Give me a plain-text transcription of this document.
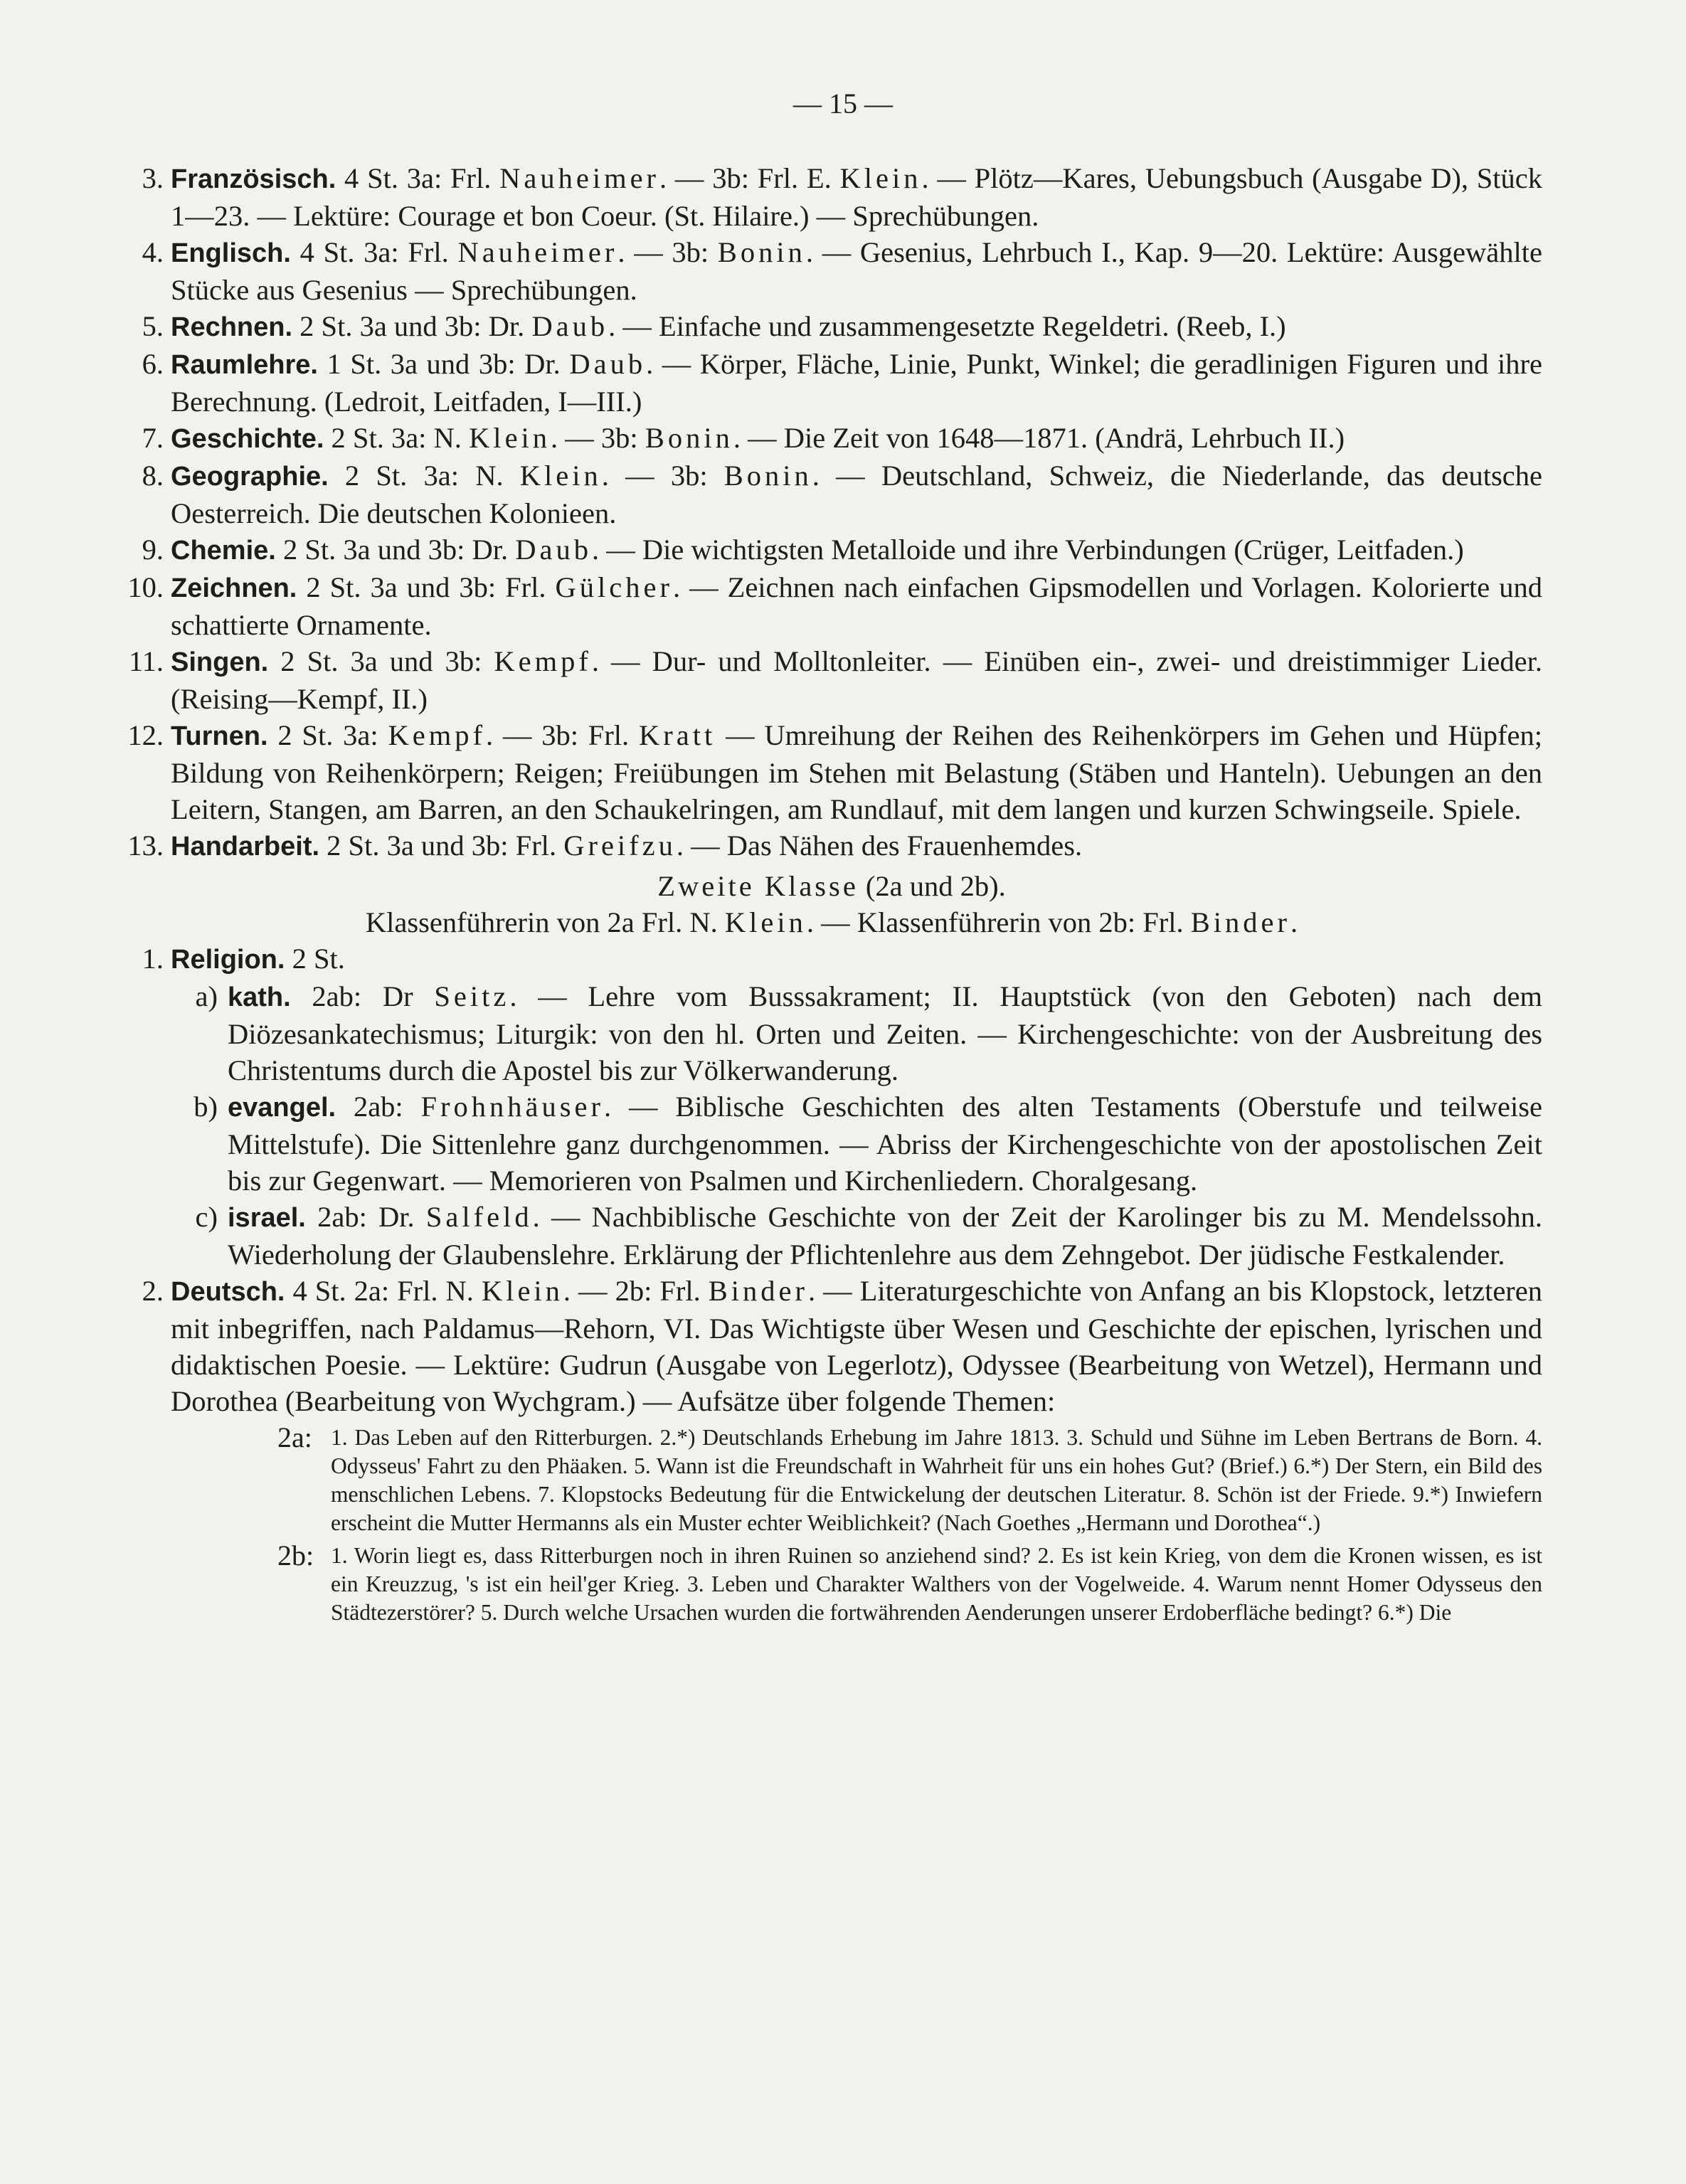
— 15 —
3. Französisch. 4 St. 3a: Frl. Nauheimer. — 3b: Frl. E. Klein. — Plötz—Kares, Uebungsbuch (Ausgabe D), Stück 1—23. — Lektüre: Courage et bon Coeur. (St. Hilaire.) — Sprechübungen.
4. Englisch. 4 St. 3a: Frl. Nauheimer. — 3b: Bonin. — Gesenius, Lehrbuch I., Kap. 9—20. Lektüre: Ausgewählte Stücke aus Gesenius — Sprechübungen.
5. Rechnen. 2 St. 3a und 3b: Dr. Daub. — Einfache und zusammengesetzte Regeldetri. (Reeb, I.)
6. Raumlehre. 1 St. 3a und 3b: Dr. Daub. — Körper, Fläche, Linie, Punkt, Winkel; die geradlinigen Figuren und ihre Berechnung. (Ledroit, Leitfaden, I—III.)
7. Geschichte. 2 St. 3a: N. Klein. — 3b: Bonin. — Die Zeit von 1648—1871. (Andrä, Lehrbuch II.)
8. Geographie. 2 St. 3a: N. Klein. — 3b: Bonin. — Deutschland, Schweiz, die Niederlande, das deutsche Oesterreich. Die deutschen Kolonieen.
9. Chemie. 2 St. 3a und 3b: Dr. Daub. — Die wichtigsten Metalloide und ihre Verbindungen (Crüger, Leitfaden.)
10. Zeichnen. 2 St. 3a und 3b: Frl. Gülcher. — Zeichnen nach einfachen Gipsmodellen und Vorlagen. Kolorierte und schattierte Ornamente.
11. Singen. 2 St. 3a und 3b: Kempf. — Dur- und Molltonleiter. — Einüben ein-, zwei- und dreistimmiger Lieder. (Reising—Kempf, II.)
12. Turnen. 2 St. 3a: Kempf. — 3b: Frl. Kratt — Umreihung der Reihen des Reihenkörpers im Gehen und Hüpfen; Bildung von Reihenkörpern; Reigen; Freiübungen im Stehen mit Belastung (Stäben und Hanteln). Uebungen an den Leitern, Stangen, am Barren, an den Schaukelringen, am Rundlauf, mit dem langen und kurzen Schwingseile. Spiele.
13. Handarbeit. 2 St. 3a und 3b: Frl. Greifzu. — Das Nähen des Frauenhemdes.
Zweite Klasse (2a und 2b).
Klassenführerin von 2a Frl. N. Klein. — Klassenführerin von 2b: Frl. Binder.
1. Religion. 2 St.
a) kath. 2ab: Dr Seitz. — Lehre vom Busssakrament; II. Hauptstück (von den Geboten) nach dem Diözesankatechismus; Liturgik: von den hl. Orten und Zeiten. — Kirchengeschichte: von der Ausbreitung des Christentums durch die Apostel bis zur Völkerwanderung.
b) evangel. 2ab: Frohnhäuser. — Biblische Geschichten des alten Testaments (Oberstufe und teilweise Mittelstufe). Die Sittenlehre ganz durchgenommen. — Abriss der Kirchengeschichte von der apostolischen Zeit bis zur Gegenwart. — Memorieren von Psalmen und Kirchenliedern. Choralgesang.
c) israel. 2ab: Dr. Salfeld. — Nachbiblische Geschichte von der Zeit der Karolinger bis zu M. Mendelssohn. Wiederholung der Glaubenslehre. Erklärung der Pflichtenlehre aus dem Zehngebot. Der jüdische Festkalender.
2. Deutsch. 4 St. 2a: Frl. N. Klein. — 2b: Frl. Binder. — Literaturgeschichte von Anfang an bis Klopstock, letzteren mit inbegriffen, nach Paldamus—Rehorn, VI. Das Wichtigste über Wesen und Geschichte der epischen, lyrischen und didaktischen Poesie. — Lektüre: Gudrun (Ausgabe von Legerlotz), Odyssee (Bearbeitung von Wetzel), Hermann und Dorothea (Bearbeitung von Wychgram.) — Aufsätze über folgende Themen:
2a: 1. Das Leben auf den Ritterburgen. 2.*) Deutschlands Erhebung im Jahre 1813. 3. Schuld und Sühne im Leben Bertrans de Born. 4. Odysseus' Fahrt zu den Phäaken. 5. Wann ist die Freundschaft in Wahrheit für uns ein hohes Gut? (Brief.) 6.*) Der Stern, ein Bild des menschlichen Lebens. 7. Klopstocks Bedeutung für die Entwickelung der deutschen Literatur. 8. Schön ist der Friede. 9.*) Inwiefern erscheint die Mutter Hermanns als ein Muster echter Weiblichkeit? (Nach Goethes „Hermann und Dorothea“.)
2b: 1. Worin liegt es, dass Ritterburgen noch in ihren Ruinen so anziehend sind? 2. Es ist kein Krieg, von dem die Kronen wissen, es ist ein Kreuzzug, 's ist ein heil'ger Krieg. 3. Leben und Charakter Walthers von der Vogelweide. 4. Warum nennt Homer Odysseus den Städtezerstörer? 5. Durch welche Ursachen wurden die fortwährenden Aenderungen unserer Erdoberfläche bedingt? 6.*) Die
